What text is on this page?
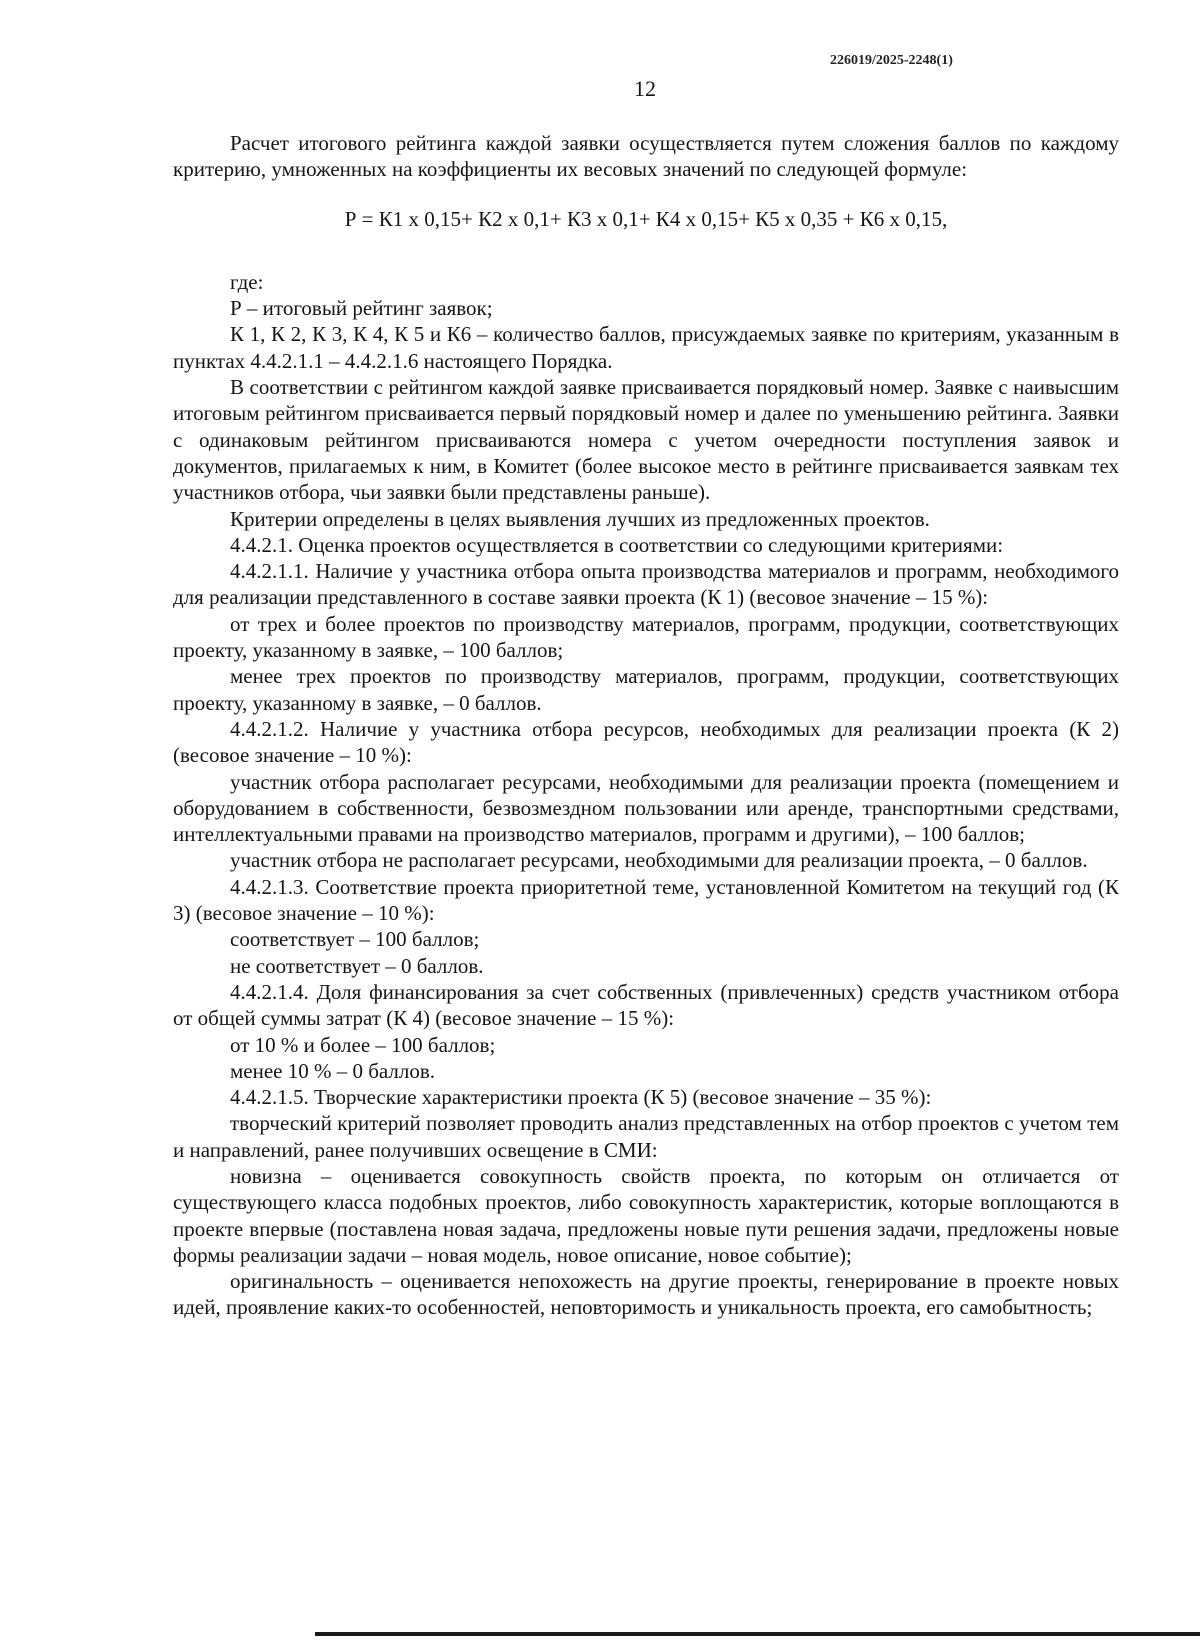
226019/2025-2248(1)
12

Расчет итогового рейтинга каждой заявки осуществляется путем сложения баллов по каждому критерию, умноженных на коэффициенты их весовых значений по следующей формуле:

Р = К1 х 0,15+ К2 х 0,1+ К3 х 0,1+ К4 х 0,15+ К5 х 0,35 + К6 х 0,15,

где:

Р – итоговый рейтинг заявок;

К 1, К 2, К 3, К 4, К 5 и К6 – количество баллов, присуждаемых заявке по критериям, указанным в пунктах 4.4.2.1.1 – 4.4.2.1.6 настоящего Порядка.

В соответствии с рейтингом каждой заявке присваивается порядковый номер. Заявке с наивысшим итоговым рейтингом присваивается первый порядковый номер и далее по уменьшению рейтинга. Заявки с одинаковым рейтингом присваиваются номера с учетом очередности поступления заявок и документов, прилагаемых к ним, в Комитет (более высокое место в рейтинге присваивается заявкам тех участников отбора, чьи заявки были представлены раньше).

Критерии определены в целях выявления лучших из предложенных проектов.

4.4.2.1. Оценка проектов осуществляется в соответствии со следующими критериями:

4.4.2.1.1. Наличие у участника отбора опыта производства материалов и программ, необходимого для реализации представленного в составе заявки проекта (К 1) (весовое значение – 15 %):

от трех и более проектов по производству материалов, программ, продукции, соответствующих проекту, указанному в заявке, – 100 баллов;

менее трех проектов по производству материалов, программ, продукции, соответствующих проекту, указанному в заявке, – 0 баллов.

4.4.2.1.2. Наличие у участника отбора ресурсов, необходимых для реализации проекта (К 2) (весовое значение – 10 %):

участник отбора располагает ресурсами, необходимыми для реализации проекта (помещением и оборудованием в собственности, безвозмездном пользовании или аренде, транспортными средствами, интеллектуальными правами на производство материалов, программ и другими), – 100 баллов;

участник отбора не располагает ресурсами, необходимыми для реализации проекта, – 0 баллов.

4.4.2.1.3. Соответствие проекта приоритетной теме, установленной Комитетом на текущий год (К 3) (весовое значение – 10 %):

соответствует – 100 баллов;

не соответствует – 0 баллов.

4.4.2.1.4. Доля финансирования за счет собственных (привлеченных) средств участником отбора от общей суммы затрат (К 4) (весовое значение – 15 %):

от 10 % и более – 100 баллов;

менее 10 % – 0 баллов.

4.4.2.1.5. Творческие характеристики проекта (К 5) (весовое значение – 35 %):

творческий критерий позволяет проводить анализ представленных на отбор проектов с учетом тем и направлений, ранее получивших освещение в СМИ:

новизна – оценивается совокупность свойств проекта, по которым он отличается от существующего класса подобных проектов, либо совокупность характеристик, которые воплощаются в проекте впервые (поставлена новая задача, предложены новые пути решения задачи, предложены новые формы реализации задачи – новая модель, новое описание, новое событие);

оригинальность – оценивается непохожесть на другие проекты, генерирование в проекте новых идей, проявление каких-то особенностей, неповторимость и уникальность проекта, его самобытность;
